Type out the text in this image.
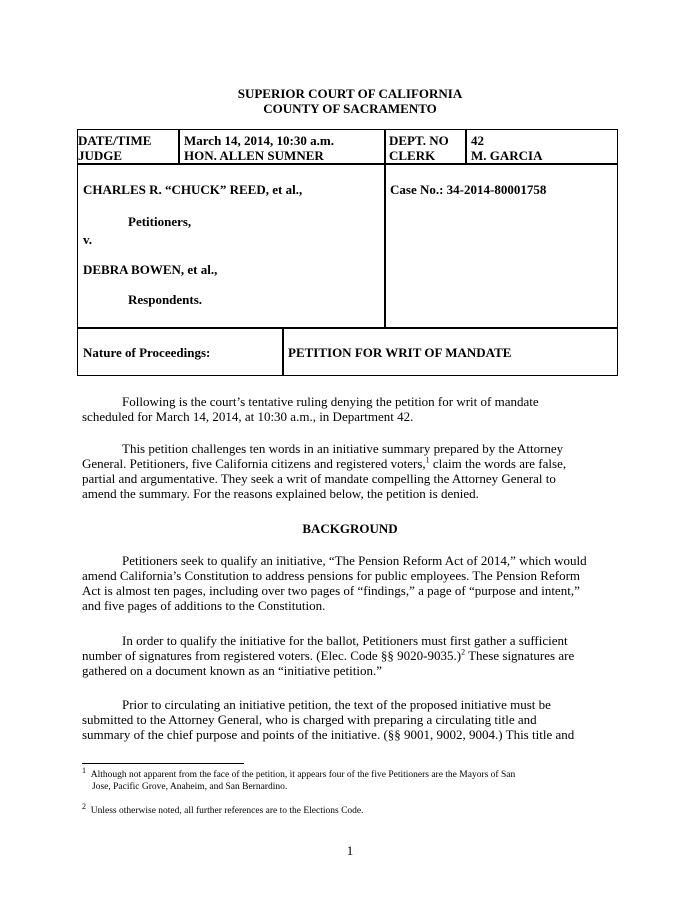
SUPERIOR COURT OF CALIFORNIA
COUNTY OF SACRAMENTO
DATE/TIME	March 14, 2014, 10:30 a.m.	DEPT. NO 42
JUDGE	HON. ALLEN SUMNER	CLERK	M. GARCIA
CHARLES R. “CHUCK” REED, et al.,
Petitioners,
v.
DEBRA BOWEN, et al.,
Respondents.
Case No.: 34-2014-80001758
Nature of Proceedings:	PETITION FOR WRIT OF MANDATE
Following is the court’s tentative ruling denying the petition for writ of mandate
scheduled for March 14, 2014, at 10:30 a.m., in Department 42.
This petition challenges ten words in an initiative summary prepared by the Attorney
General. Petitioners, five California citizens and registered voters,$^1$ claim the words are false,
partial and argumentative. They seek a writ of mandate compelling the Attorney General to
amend the summary. For the reasons explained below, the petition is denied.
BACKGROUND
Petitioners seek to qualify an initiative, “The Pension Reform Act of 2014,” which would
amend California’s Constitution to address pensions for public employees. The Pension Reform
Act is almost ten pages, including over two pages of “findings,” a page of “purpose and intent,”
and five pages of additions to the Constitution.
In order to qualify the initiative for the ballot, Petitioners must first gather a sufficient
number of signatures from registered voters. (Elec. Code §§ 9020-9035.)$^2$ These signatures are
gathered on a document known as an “initiative petition.”
Prior to circulating an initiative petition, the text of the proposed initiative must be
submitted to the Attorney General, who is charged with preparing a circulating title and
summary of the chief purpose and points of the initiative. (§§ 9001, 9002, 9004.) This title and
$^1$ Although not apparent from the face of the petition, it appears four of the five Petitioners are the Mayors of San
Jose, Pacific Grove, Anaheim, and San Bernardino.
$^2$ Unless otherwise noted, all further references are to the Elections Code.
1
